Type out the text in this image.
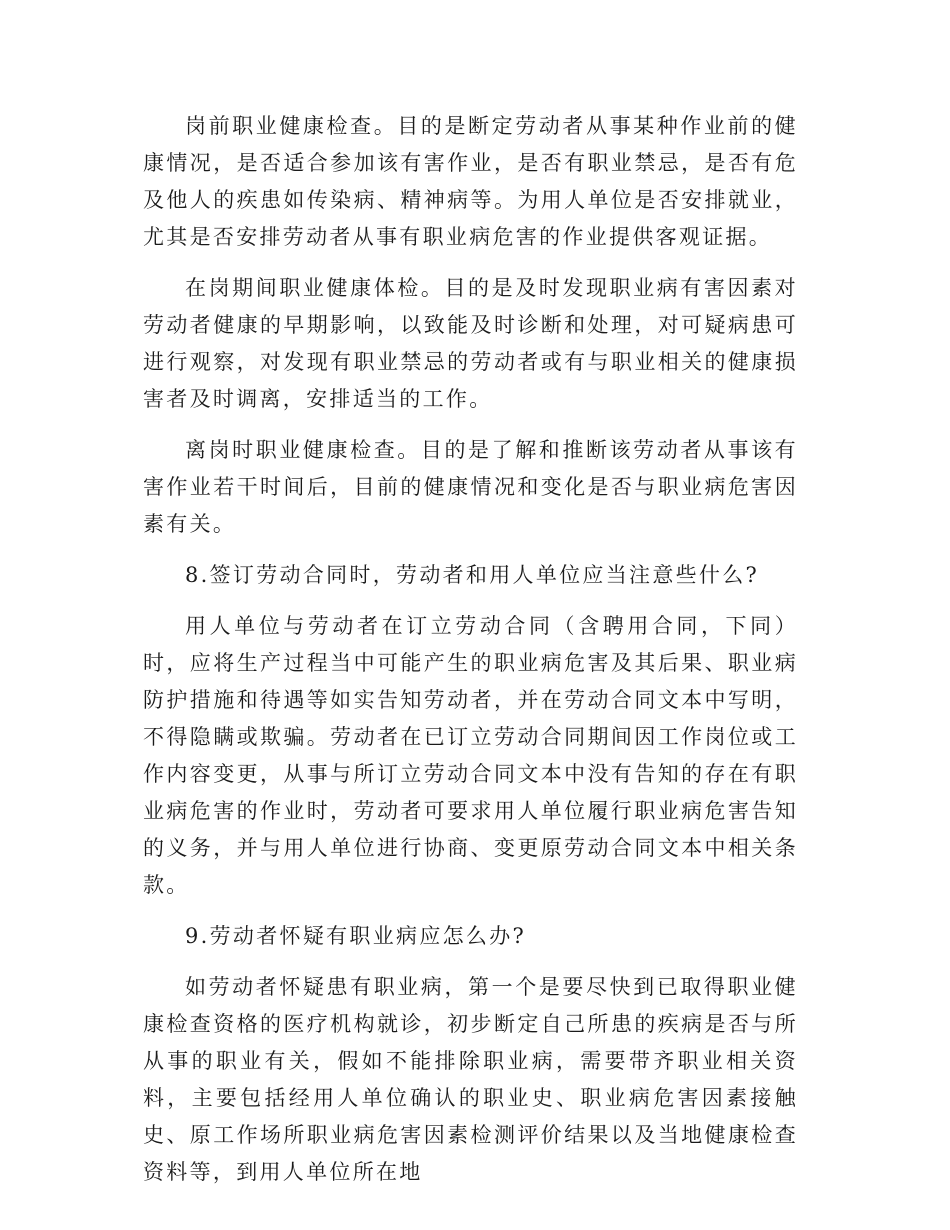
岗前职业健康检查。目的是断定劳动者从事某种作业前的健康情况，是否适合参加该有害作业，是否有职业禁忌，是否有危及他人的疾患如传染病、精神病等。为用人单位是否安排就业，尤其是否安排劳动者从事有职业病危害的作业提供客观证据。

在岗期间职业健康体检。目的是及时发现职业病有害因素对劳动者健康的早期影响，以致能及时诊断和处理，对可疑病患可进行观察，对发现有职业禁忌的劳动者或有与职业相关的健康损害者及时调离，安排适当的工作。

离岗时职业健康检查。目的是了解和推断该劳动者从事该有害作业若干时间后，目前的健康情况和变化是否与职业病危害因素有关。

8.签订劳动合同时，劳动者和用人单位应当注意些什么?

用人单位与劳动者在订立劳动合同（含聘用合同，下同）时，应将生产过程当中可能产生的职业病危害及其后果、职业病防护措施和待遇等如实告知劳动者，并在劳动合同文本中写明，不得隐瞒或欺骗。劳动者在已订立劳动合同期间因工作岗位或工作内容变更，从事与所订立劳动合同文本中没有告知的存在有职业病危害的作业时，劳动者可要求用人单位履行职业病危害告知的义务，并与用人单位进行协商、变更原劳动合同文本中相关条款。

9.劳动者怀疑有职业病应怎么办?

如劳动者怀疑患有职业病，第一个是要尽快到已取得职业健康检查资格的医疗机构就诊，初步断定自己所患的疾病是否与所从事的职业有关，假如不能排除职业病，需要带齐职业相关资料，主要包括经用人单位确认的职业史、职业病危害因素接触史、原工作场所职业病危害因素检测评价结果以及当地健康检查资料等，到用人单位所在地
